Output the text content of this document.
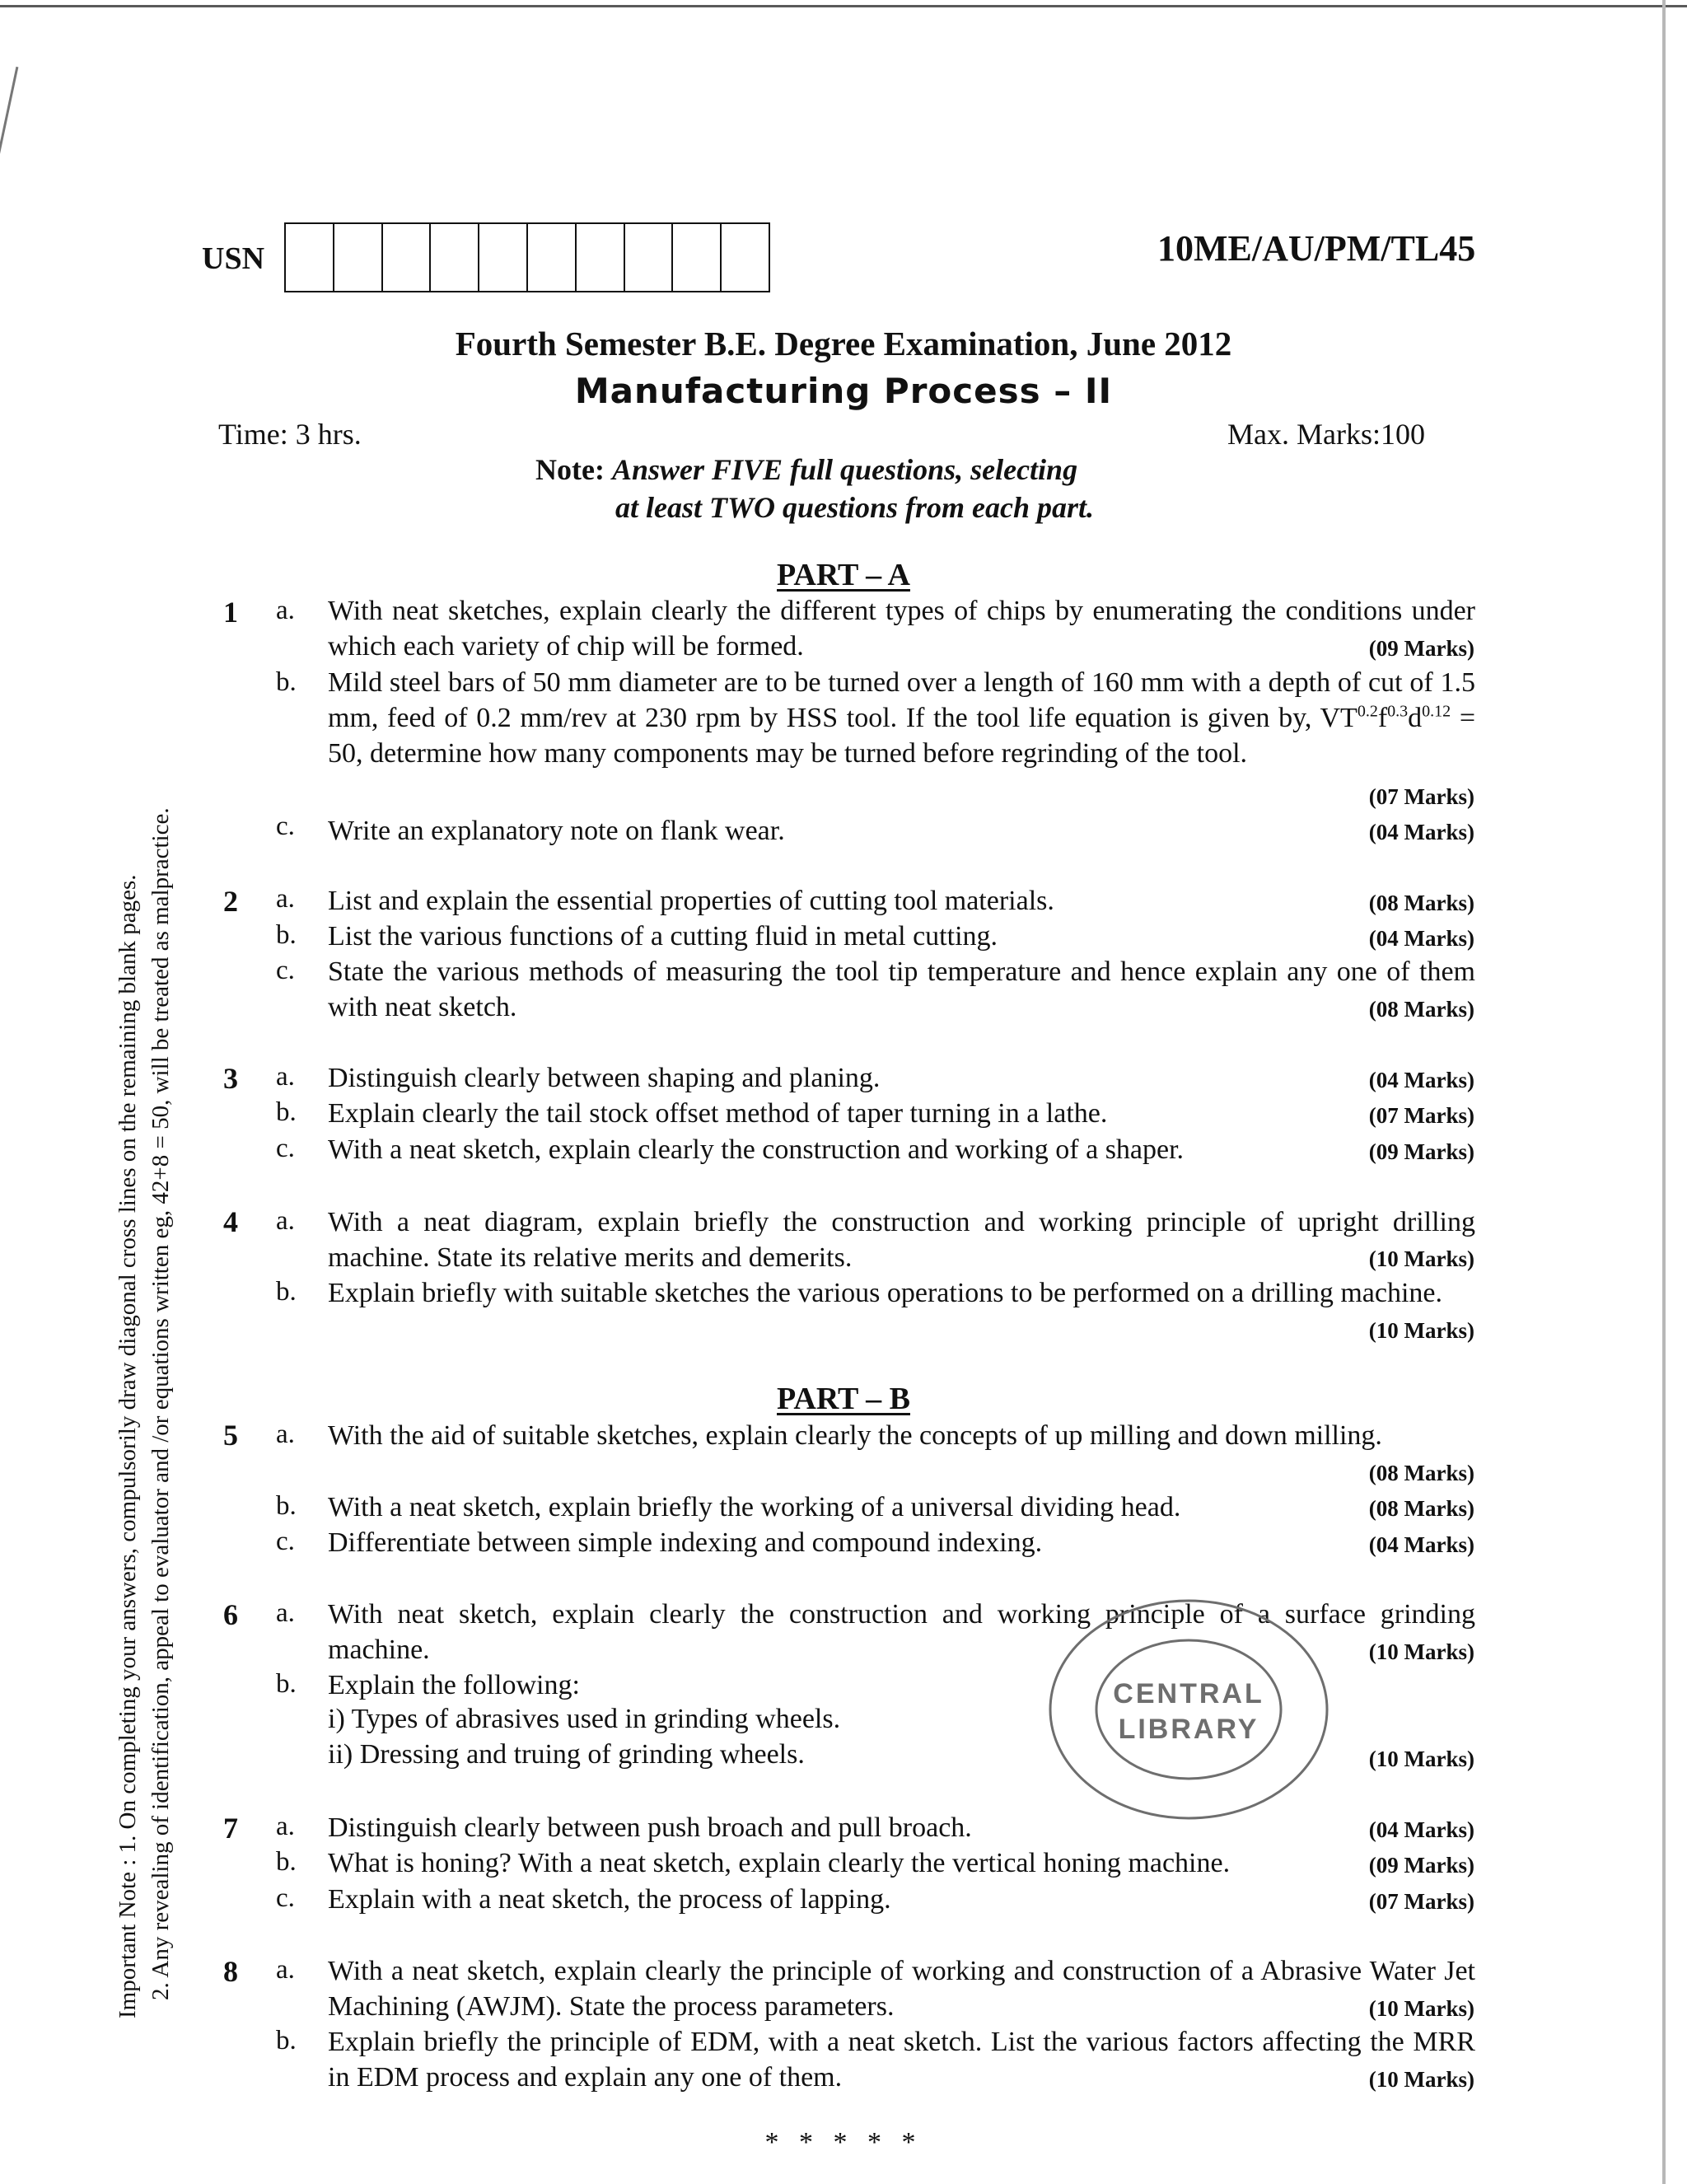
USN	10ME/AU/PM/TL45
Fourth Semester B.E. Degree Examination, June 2012
Manufacturing Process – II
Time: 3 hrs.	Max. Marks:100
Note: Answer FIVE full questions, selecting
at least TWO questions from each part.
PART – A
1 a. With neat sketches, explain clearly the different types of chips by enumerating the conditions under which each variety of chip will be formed.	(09 Marks)
b. Mild steel bars of 50 mm diameter are to be turned over a length of 160 mm with a depth of cut of 1.5 mm, feed of 0.2 mm/rev at 230 rpm by HSS tool. If the tool life equation is given by, $VT^{0.2}f^{0.3}d^{0.12} = 50$, determine how many components may be turned before regrinding of the tool.
(07 Marks)
c. Write an explanatory note on flank wear.	(04 Marks)
2 a. List and explain the essential properties of cutting tool materials.	(08 Marks)
b. List the various functions of a cutting fluid in metal cutting.	(04 Marks)
c. State the various methods of measuring the tool tip temperature and hence explain any one of them with neat sketch.	(08 Marks)
3 a. Distinguish clearly between shaping and planing.	(04 Marks)
b. Explain clearly the tail stock offset method of taper turning in a lathe.	(07 Marks)
c. With a neat sketch, explain clearly the construction and working of a shaper.	(09 Marks)
4 a. With a neat diagram, explain briefly the construction and working principle of upright drilling machine. State its relative merits and demerits.	(10 Marks)
b. Explain briefly with suitable sketches the various operations to be performed on a drilling machine.
(10 Marks)
PART – B
5 a. With the aid of suitable sketches, explain clearly the concepts of up milling and down milling.
(08 Marks)
b. With a neat sketch, explain briefly the working of a universal dividing head.	(08 Marks)
c. Differentiate between simple indexing and compound indexing.	(04 Marks)
6 a. With neat sketch, explain clearly the construction and working principle of a surface grinding machine.	(10 Marks)
b. Explain the following:
i) Types of abrasives used in grinding wheels.
ii) Dressing and truing of grinding wheels.	(10 Marks)
7 a. Distinguish clearly between push broach and pull broach.	(04 Marks)
b. What is honing? With a neat sketch, explain clearly the vertical honing machine.	(09 Marks)
c. Explain with a neat sketch, the process of lapping.	(07 Marks)
8 a. With a neat sketch, explain clearly the principle of working and construction of a Abrasive Water Jet Machining (AWJM). State the process parameters.	(10 Marks)
b. Explain briefly the principle of EDM, with a neat sketch. List the various factors affecting the MRR in EDM process and explain any one of them.	(10 Marks)
Important Note : 1. On completing your answers, compulsorily draw diagonal cross lines on the remaining blank pages. 2. Any revealing of identification, appeal to evaluator and /or equations written eg, 42+8 = 50, will be treated as malpractice.	CENTRAL
LIBRARY
* * * * *
